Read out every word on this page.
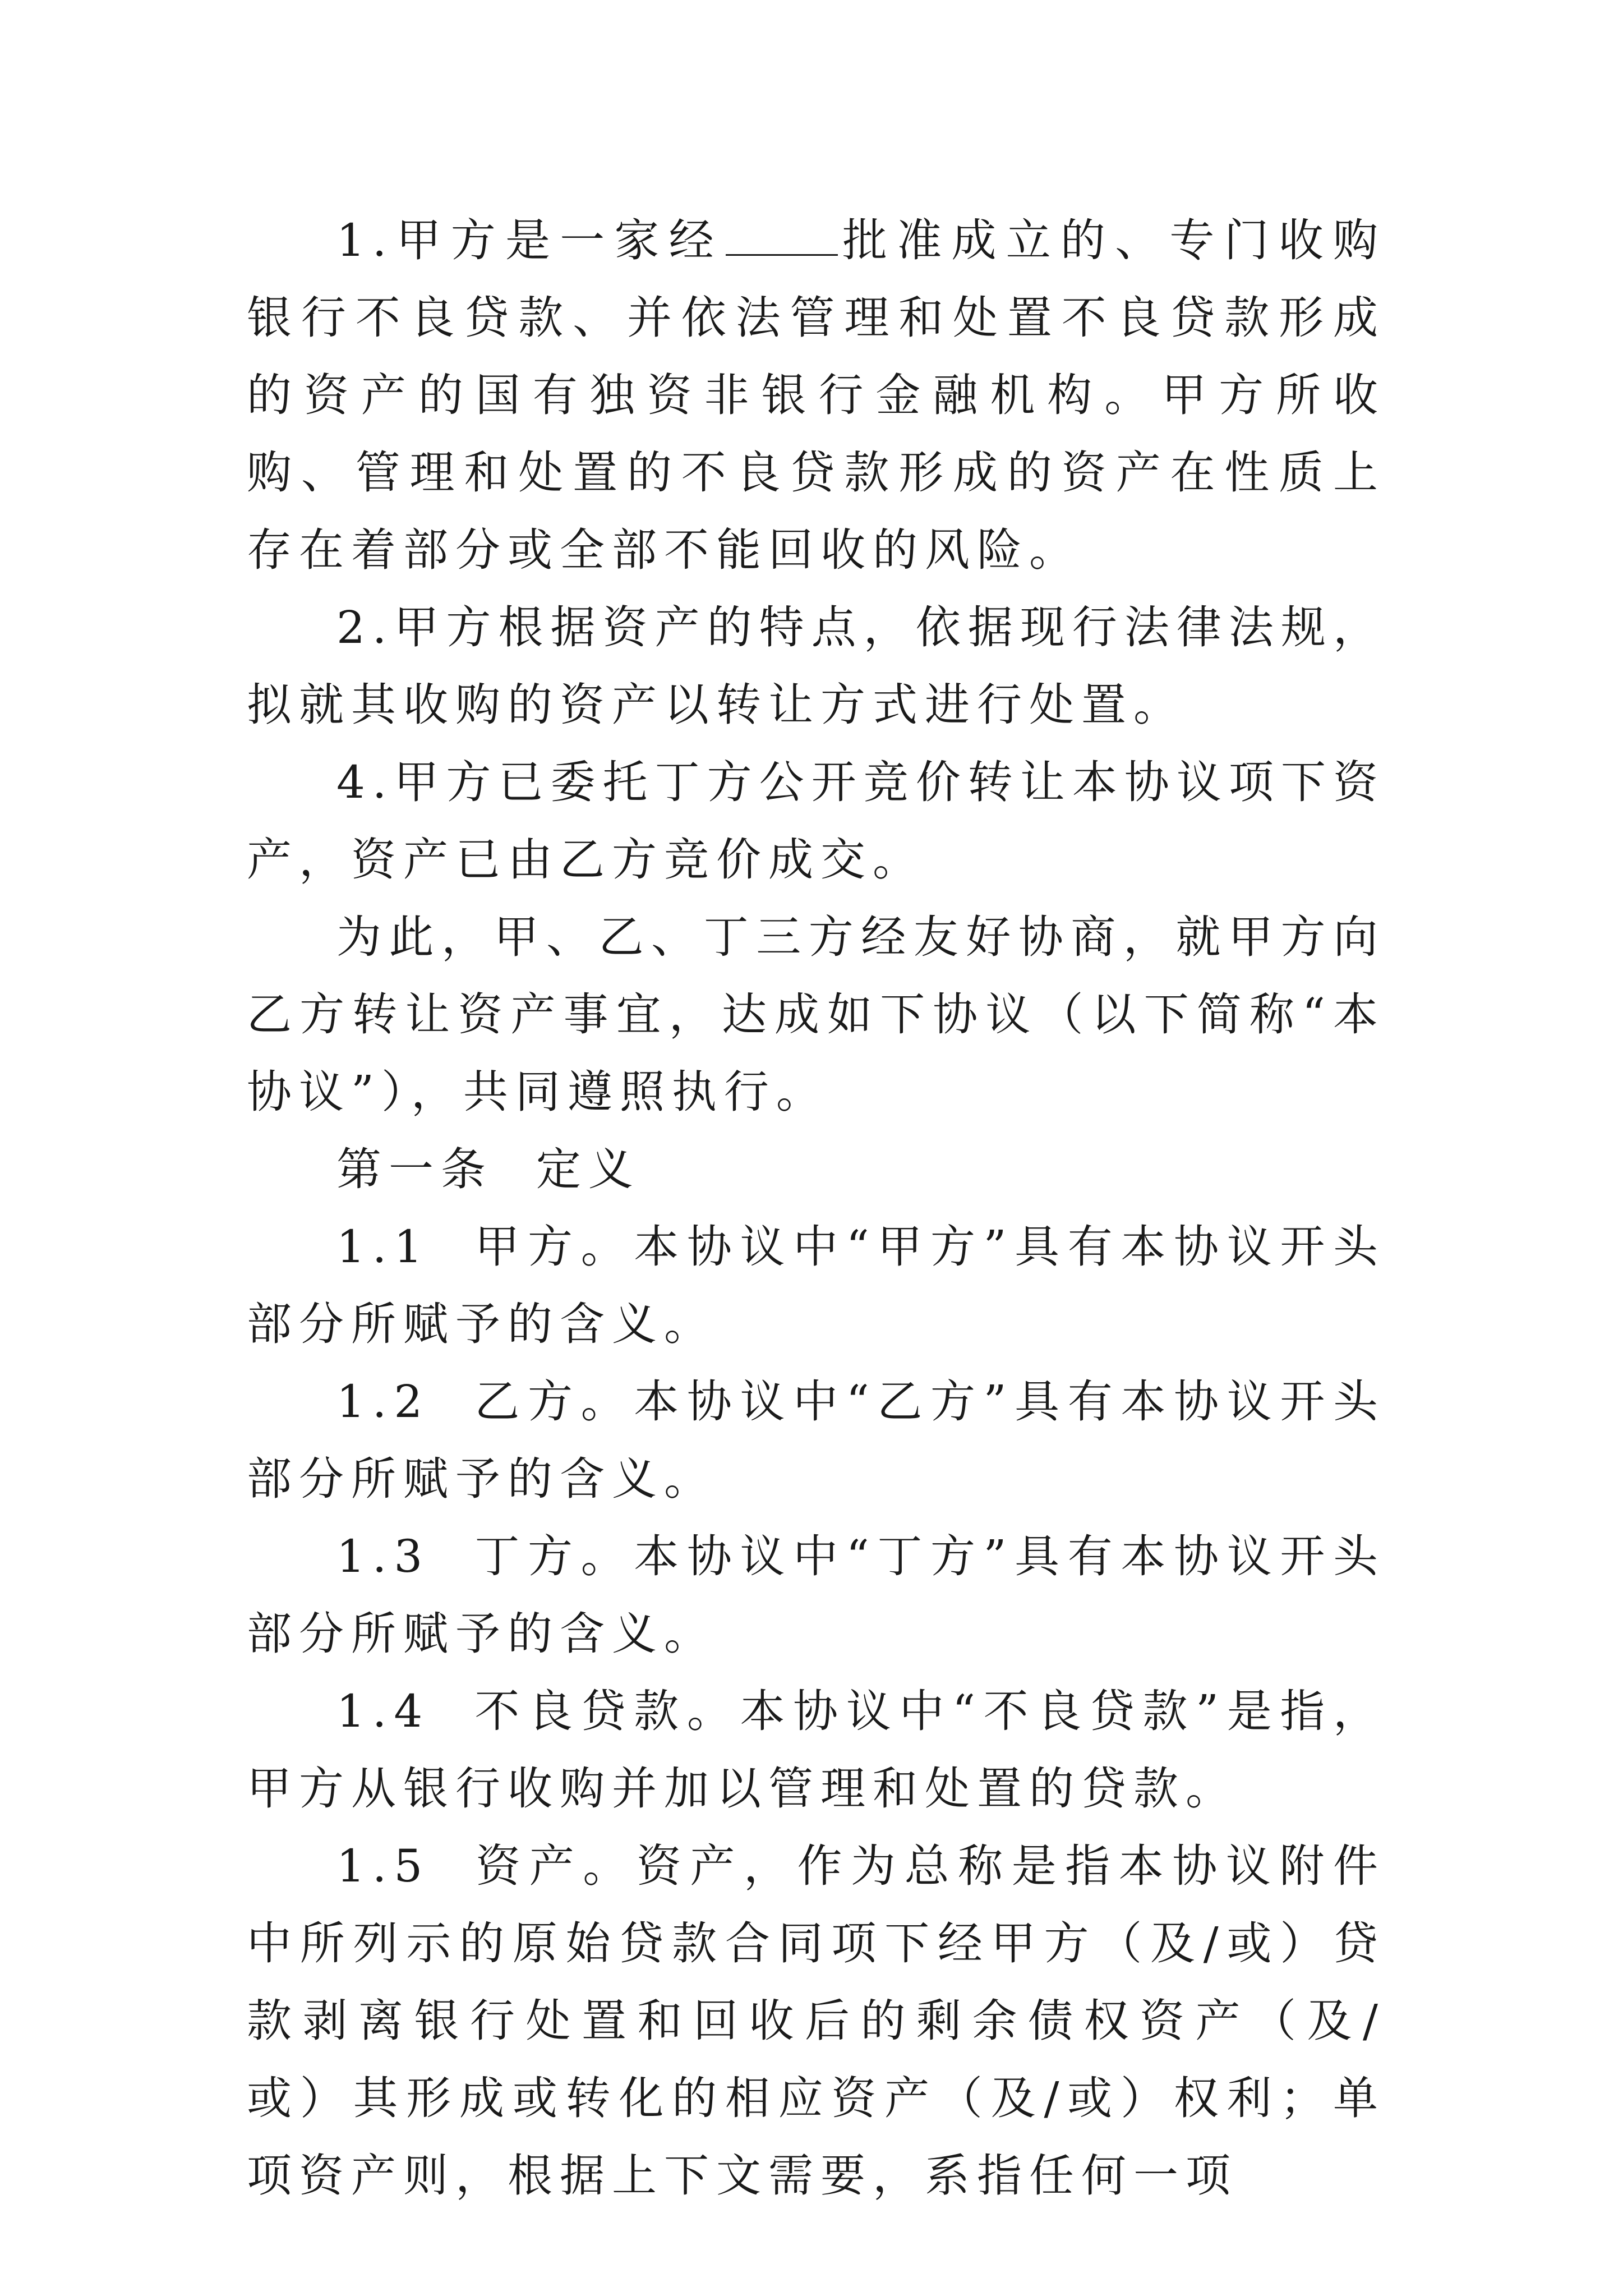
1.甲方是一家经	批准成立的、专门收购银行不良贷款、并依法管理和处置不良贷款形成的资产的国有独资非银行金融机构。甲方所收购、管理和处置的不良贷款形成的资产在性质上存在着部分或全部不能回收的风险。

2.甲方根据资产的特点，依据现行法律法规，拟就其收购的资产以转让方式进行处置。

4.甲方已委托丁方公开竞价转让本协议项下资产，资产已由乙方竞价成交。

为此，甲、乙、丁三方经友好协商，就甲方向乙方转让资产事宜，达成如下协议（以下简称“本协议”），共同遵照执行。

第一条  定义

1.1  甲方。本协议中“甲方”具有本协议开头部分所赋予的含义。

1.2  乙方。本协议中“乙方”具有本协议开头部分所赋予的含义。

1.3  丁方。本协议中“丁方”具有本协议开头部分所赋予的含义。

1.4  不良贷款。本协议中“不良贷款”是指，甲方从银行收购并加以管理和处置的贷款。

1.5  资产。资产，作为总称是指本协议附件中所列示的原始贷款合同项下经甲方（及/或）贷款剥离银行处置和回收后的剩余债权资产（及/或）其形成或转化的相应资产（及/或）权利；单项资产则，根据上下文需要，系指任何一项
